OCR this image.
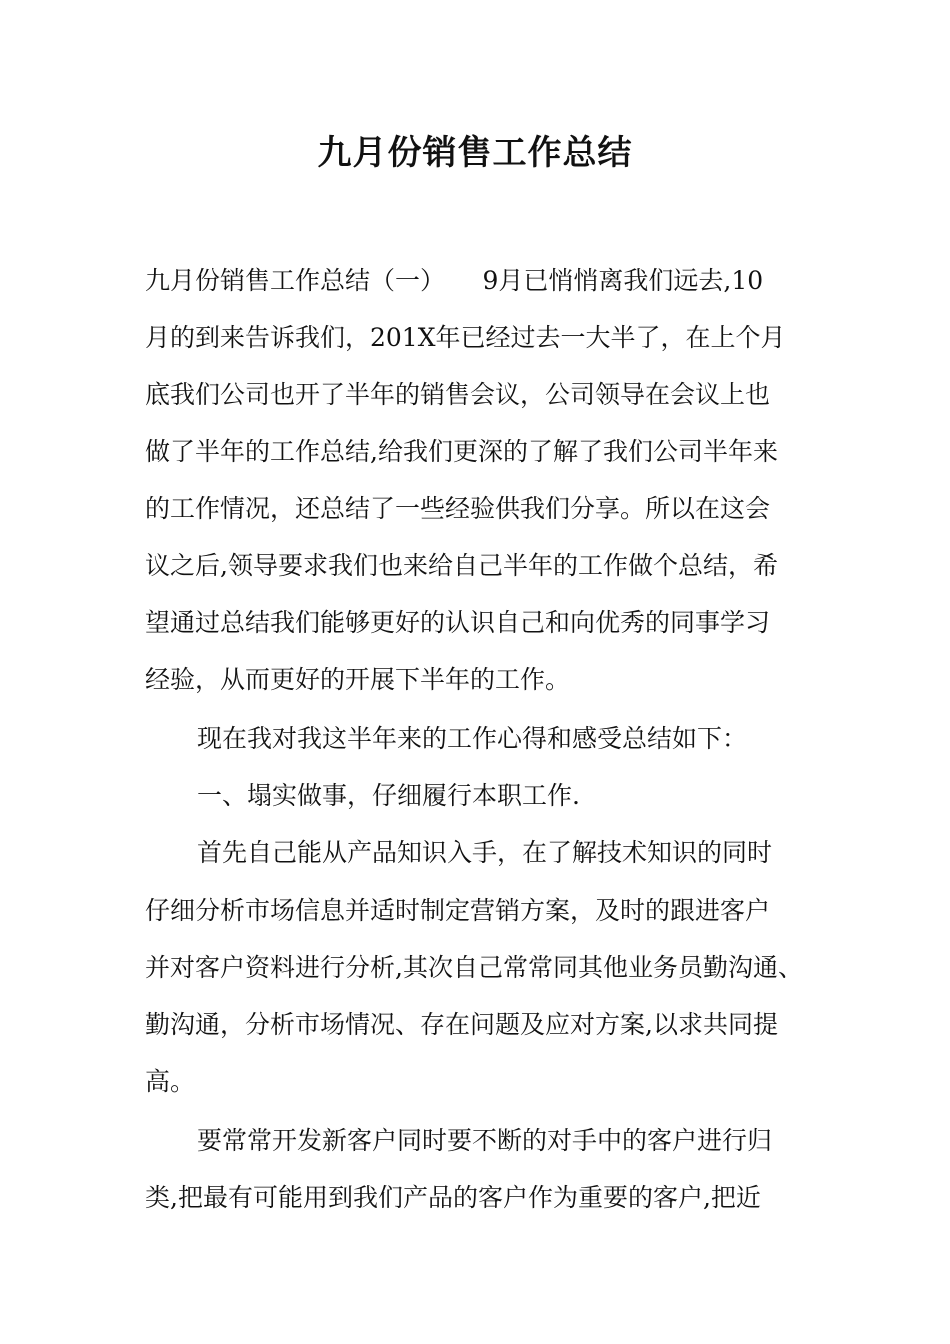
九月份销售工作总结
九月份销售工作总结（一）　　9月已悄悄离我们远去,10
月的到来告诉我们，201X年已经过去一大半了，在上个月
底我们公司也开了半年的销售会议，公司领导在会议上也
做了半年的工作总结,给我们更深的了解了我们公司半年来
的工作情况，还总结了一些经验供我们分享。所以在这会
议之后,领导要求我们也来给自己半年的工作做个总结，希
望通过总结我们能够更好的认识自己和向优秀的同事学习
经验，从而更好的开展下半年的工作。
现在我对我这半年来的工作心得和感受总结如下：
一、塌实做事，仔细履行本职工作.
首先自己能从产品知识入手，在了解技术知识的同时
仔细分析市场信息并适时制定营销方案，及时的跟进客户
并对客户资料进行分析,其次自己常常同其他业务员勤沟通、
勤沟通，分析市场情况、存在问题及应对方案,以求共同提
高。
要常常开发新客户同时要不断的对手中的客户进行归
类,把最有可能用到我们产品的客户作为重要的客户,把近
